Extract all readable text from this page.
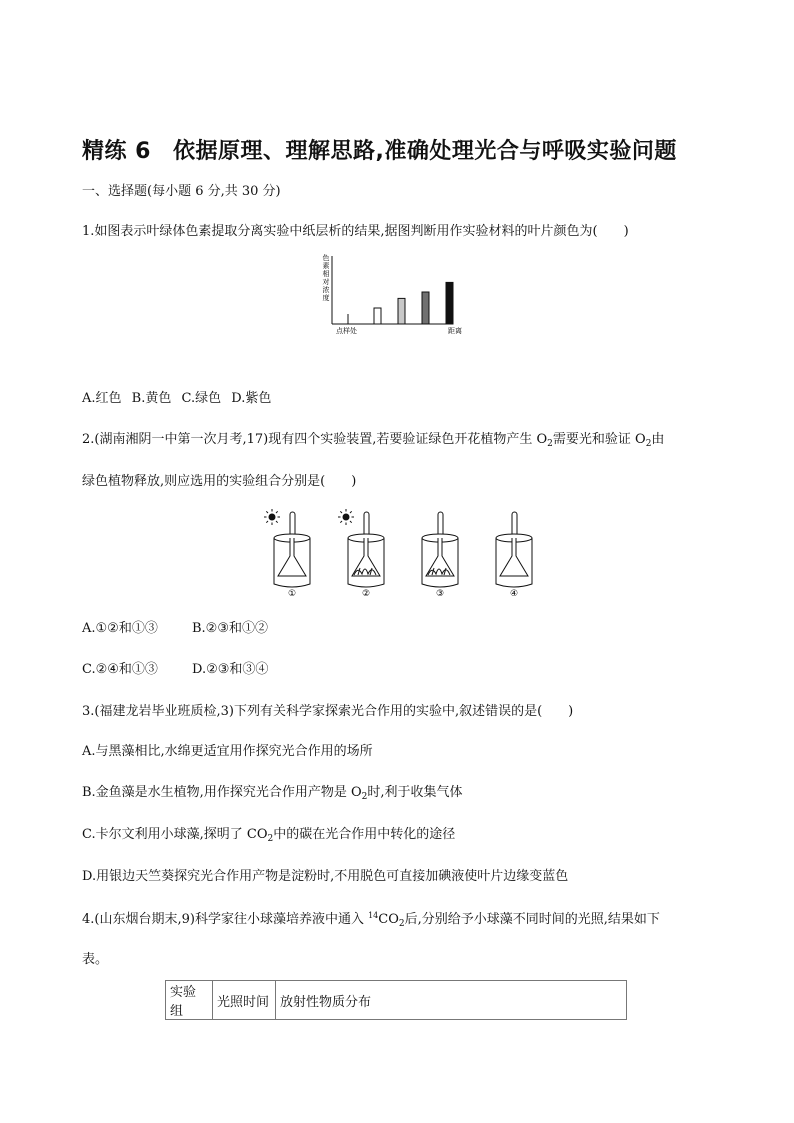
精练 6 依据原理、理解思路,准确处理光合与呼吸实验问题
一、选择题(每小题 6 分,共 30 分)
1.如图表示叶绿体色素提取分离实验中纸层析的结果,据图判断用作实验材料的叶片颜色为(　　)
色素相对浓度
点样处	距离
A.红色 B.黄色 C.绿色 D.紫色
2.(湖南湘阴一中第一次月考,17)现有四个实验装置,若要验证绿色开花植物产生 $O_2$需要光和验证 $O_2$由
绿色植物释放,则应选用的实验组合分别是(　　)
①	②	③	④
A.①②和①③	B.②③和①②
C.②④和①③	D.②③和③④
3.(福建龙岩毕业班质检,3)下列有关科学家探索光合作用的实验中,叙述错误的是(　　)
A.与黑藻相比,水绵更适宜用作探究光合作用的场所
B.金鱼藻是水生植物,用作探究光合作用产物是 $O_2$时,利于收集气体
C.卡尔文利用小球藻,探明了 $CO_2$中的碳在光合作用中转化的途径
D.用银边天竺葵探究光合作用产物是淀粉时,不用脱色可直接加碘液使叶片边缘变蓝色
4.(山东烟台期末,9)科学家往小球藻培养液中通入 $^{14}CO_2$后,分别给予小球藻不同时间的光照,结果如下
表。
实验组	光照时间	放射性物质分布
